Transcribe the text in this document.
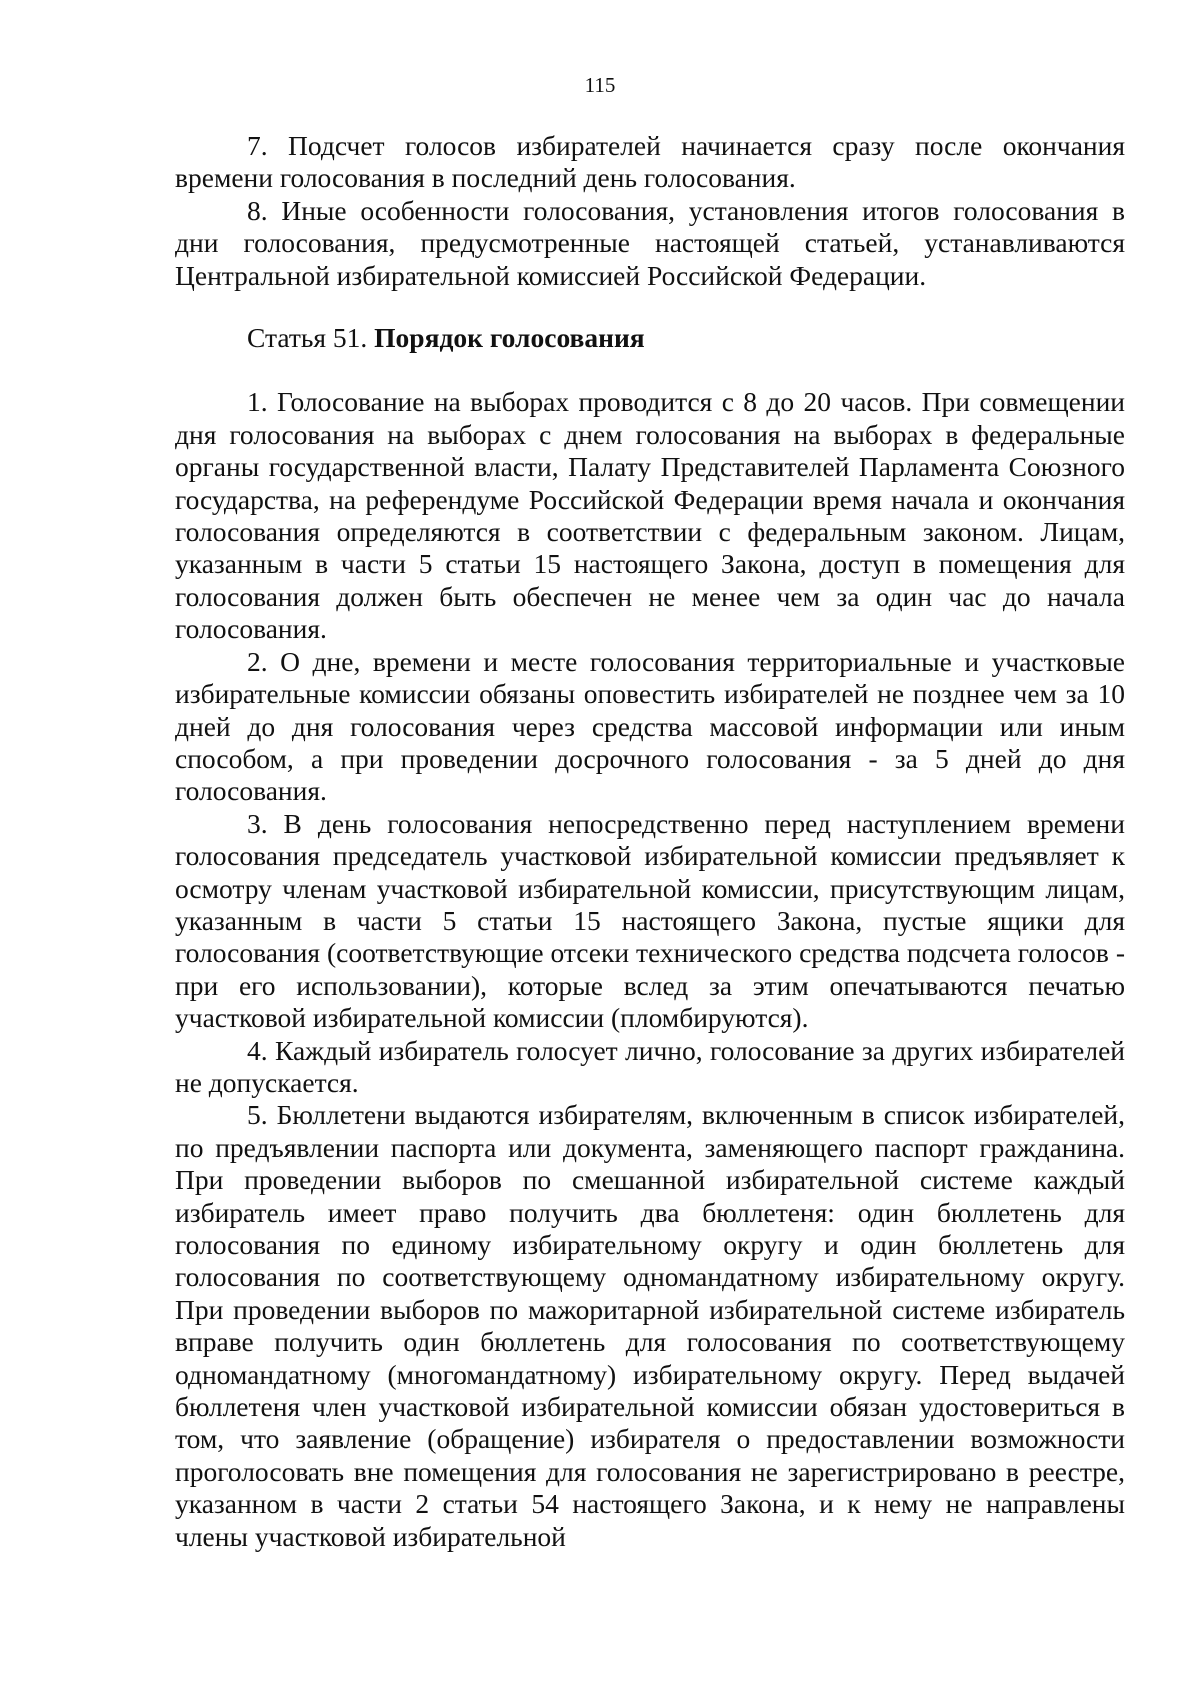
115

7. Подсчет голосов избирателей начинается сразу после окончания времени голосования в последний день голосования.

8. Иные особенности голосования, установления итогов голосования в дни голосования, предусмотренные настоящей статьей, устанавливаются Центральной избирательной комиссией Российской Федерации.

Статья 51. Порядок голосования

1. Голосование на выборах проводится с 8 до 20 часов. При совмещении дня голосования на выборах с днем голосования на выборах в федеральные органы государственной власти, Палату Представителей Парламента Союзного государства, на референдуме Российской Федерации время начала и окончания голосования определяются в соответствии с федеральным законом. Лицам, указанным в части 5 статьи 15 настоящего Закона, доступ в помещения для голосования должен быть обеспечен не менее чем за один час до начала голосования.

2. О дне, времени и месте голосования территориальные и участковые избирательные комиссии обязаны оповестить избирателей не позднее чем за 10 дней до дня голосования через средства массовой информации или иным способом, а при проведении досрочного голосования - за 5 дней до дня голосования.

3. В день голосования непосредственно перед наступлением времени голосования председатель участковой избирательной комиссии предъявляет к осмотру членам участковой избирательной комиссии, присутствующим лицам, указанным в части 5 статьи 15 настоящего Закона, пустые ящики для голосования (соответствующие отсеки технического средства подсчета голосов - при его использовании), которые вслед за этим опечатываются печатью участковой избирательной комиссии (пломбируются).

4. Каждый избиратель голосует лично, голосование за других избирателей не допускается.

5. Бюллетени выдаются избирателям, включенным в список избирателей, по предъявлении паспорта или документа, заменяющего паспорт гражданина. При проведении выборов по смешанной избирательной системе каждый избиратель имеет право получить два бюллетеня: один бюллетень для голосования по единому избирательному округу и один бюллетень для голосования по соответствующему одномандатному избирательному округу. При проведении выборов по мажоритарной избирательной системе избиратель вправе получить один бюллетень для голосования по соответствующему одномандатному (многомандатному) избирательному округу. Перед выдачей бюллетеня член участковой избирательной комиссии обязан удостовериться в том, что заявление (обращение) избирателя о предоставлении возможности проголосовать вне помещения для голосования не зарегистрировано в реестре, указанном в части 2 статьи 54 настоящего Закона, и к нему не направлены члены участковой избирательной
